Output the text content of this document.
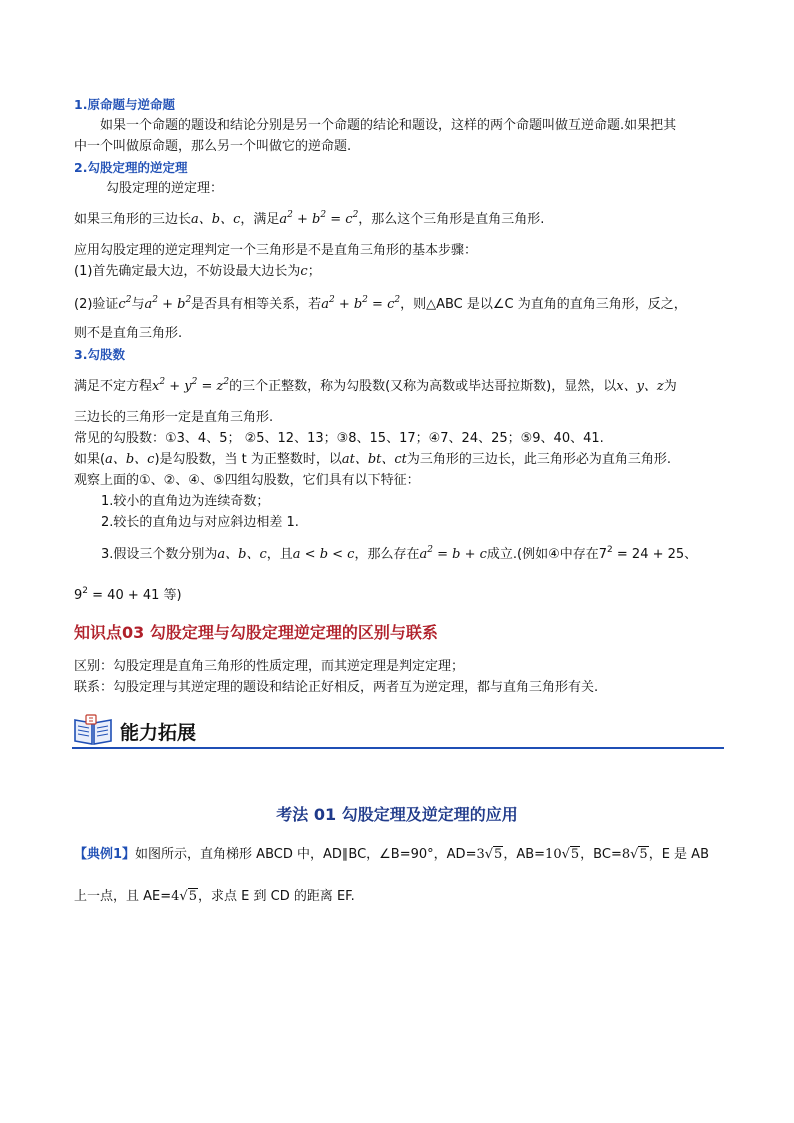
1.原命题与逆命题
如果一个命题的题设和结论分别是另一个命题的结论和题设，这样的两个命题叫做互逆命题.如果把其
中一个叫做原命题，那么另一个叫做它的逆命题.
2.勾股定理的逆定理
勾股定理的逆定理：
如果三角形的三边长a、b、c，满足$a^2 + b^2 = c^2$，那么这个三角形是直角三角形.
应用勾股定理的逆定理判定一个三角形是不是直角三角形的基本步骤：
(1)首先确定最大边，不妨设最大边长为c；
(2)验证$c^2$与$a^2 + b^2$是否具有相等关系，若$a^2 + b^2 = c^2$，则△ABC 是以∠C 为直角的直角三角形，反之，
则不是直角三角形.
3.勾股数
满足不定方程$x^2 + y^2 = z^2$的三个正整数，称为勾股数(又称为高数或毕达哥拉斯数)，显然，以x、y、z为
三边长的三角形一定是直角三角形.
常见的勾股数：①3、4、5； ②5、12、13；③8、15、17；④7、24、25；⑤9、40、41.
如果(a、b、c)是勾股数，当 t 为正整数时，以at、bt、ct为三角形的三边长，此三角形必为直角三角形.
观察上面的①、②、④、⑤四组勾股数，它们具有以下特征：
1.较小的直角边为连续奇数；
2.较长的直角边与对应斜边相差 1.
3.假设三个数分别为a、b、c，且a < b < c，那么存在$a^2 = b + c$成立.(例如④中存在$7^2 = 24 + 25$、
$9^2 = 40 + 41$ 等)
知识点03 勾股定理与勾股定理逆定理的区别与联系
区别：勾股定理是直角三角形的性质定理，而其逆定理是判定定理；
联系：勾股定理与其逆定理的题设和结论正好相反，两者互为逆定理，都与直角三角形有关.
能力拓展
考法 01 勾股定理及逆定理的应用
【典例1】如图所示，直角梯形 ABCD 中，AD∥BC，∠B=90°，AD=3√5，AB=10√5，BC=8√5，E 是 AB
上一点，且 AE=4√5，求点 E 到 CD 的距离 EF.
